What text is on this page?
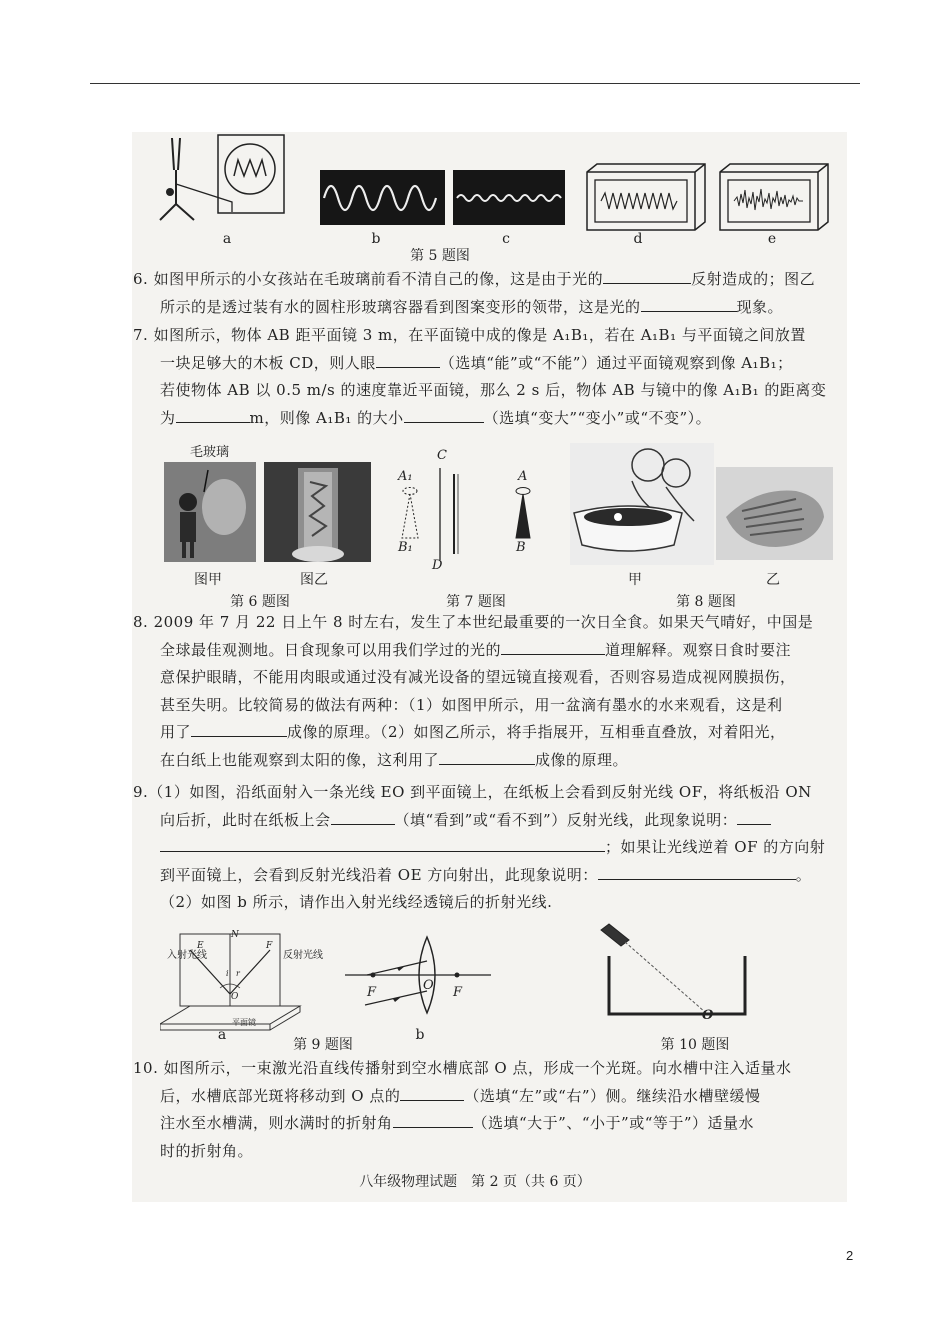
a	b	c	d	e
第 5 题图
6. 如图甲所示的小女孩站在毛玻璃前看不清自己的像，这是由于光的	反射造成的；图乙
所示的是透过装有水的圆柱形玻璃容器看到图案变形的领带，这是光的	现象。
7. 如图所示，物体 AB 距平面镜 3 m，在平面镜中成的像是 A₁B₁，若在 A₁B₁ 与平面镜之间放置
一块足够大的木板 CD，则人眼	（选填“能”或“不能”）通过平面镜观察到像 A₁B₁；
若使物体 AB 以 0.5 m/s 的速度靠近平面镜，那么 2 s 后，物体 AB 与镜中的像 A₁B₁ 的距离变
为	m，则像 A₁B₁ 的大小	（选填“变大”“变小”或“不变”）。
毛玻璃	C
D
A₁
B₁
A
B
图甲	图乙	甲	乙
第 6 题图	第 7 题图	第 8 题图
8. 2009 年 7 月 22 日上午 8 时左右，发生了本世纪最重要的一次日全食。如果天气晴好，中国是
全球最佳观测地。日食现象可以用我们学过的光的	道理解释。观察日食时要注
意保护眼睛，不能用肉眼或通过没有减光设备的望远镜直接观看，否则容易造成视网膜损伤，
甚至失明。比较简易的做法有两种：（1）如图甲所示，用一盆滴有墨水的水来观看，这是利
用了	成像的原理。（2）如图乙所示，将手指展开，互相垂直叠放，对着阳光，
在白纸上也能观察到太阳的像，这利用了	成像的原理。
9.（1）如图，沿纸面射入一条光线 EO 到平面镜上，在纸板上会看到反射光线 OF，将纸板沿 ON
向后折，此时在纸板上会	（填“看到”或“看不到”）反射光线，此现象说明：
；如果让光线逆着 OF 的方向射
到平面镜上，会看到反射光线沿着 OE 方向射出，此现象说明：	。
（2）如图 b 所示，请作出入射光线经透镜后的折射光线.
入射光线	反射光线
E
N
F
i r
O
平面镜
a
F	O F
b
第 9 题图
O
第 10 题图
10. 如图所示，一束激光沿直线传播射到空水槽底部 O 点，形成一个光斑。向水槽中注入适量水
后，水槽底部光斑将移动到 O 点的	（选填“左”或“右”）侧。继续沿水槽壁缓慢
注水至水槽满，则水满时的折射角	（选填“大于”、“小于”或“等于”）适量水
时的折射角。
八年级物理试题　第 2 页（共 6 页）
2
